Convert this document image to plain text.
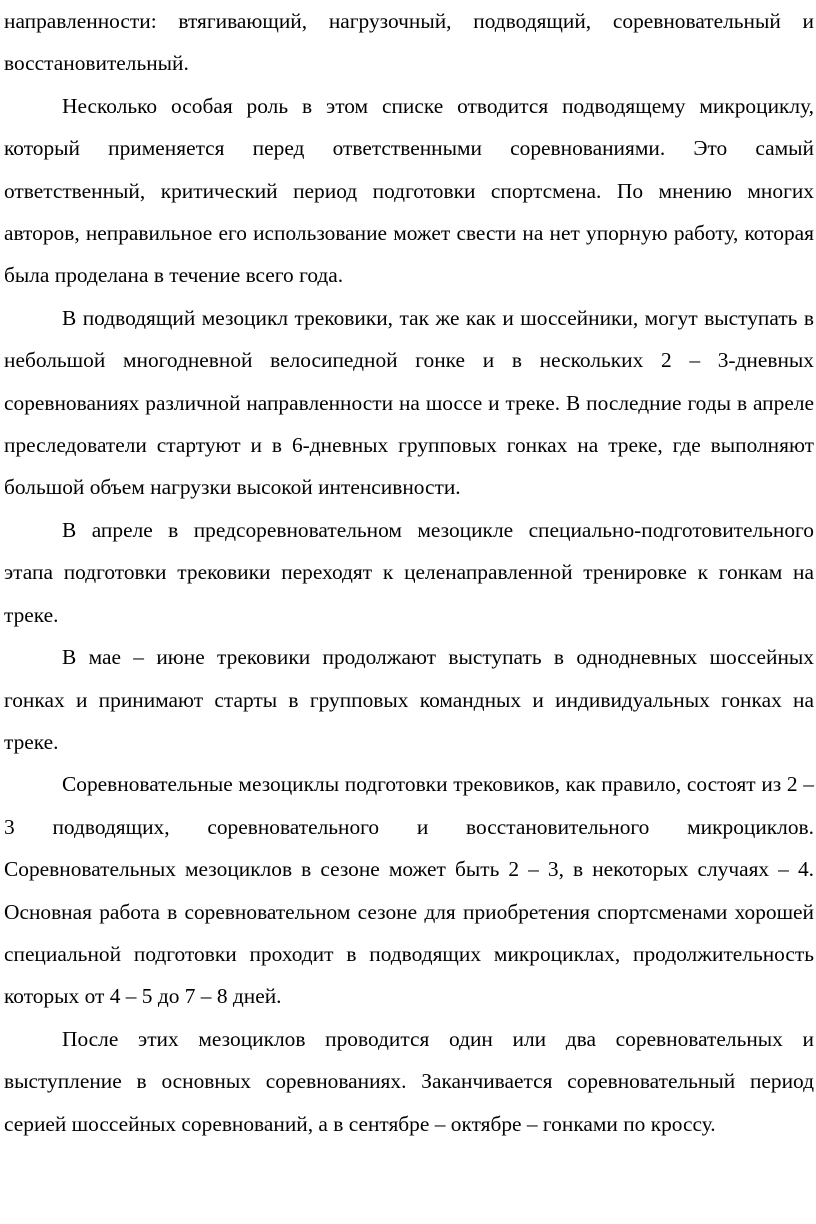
направленности: втягивающий, нагрузочный, подводящий, соревновательный и восстановительный.

Несколько особая роль в этом списке отводится подводящему микроциклу, который применяется перед ответственными соревнованиями. Это самый ответственный, критический период подготовки спортсмена. По мнению многих авторов, неправильное его использование может свести на нет упорную работу, которая была проделана в течение всего года.

В подводящий мезоцикл трековики, так же как и шоссейники, могут выступать в небольшой многодневной велосипедной гонке и в нескольких 2 – 3-дневных соревнованиях различной направленности на шоссе и треке. В последние годы в апреле преследователи стартуют и в 6-дневных групповых гонках на треке, где выполняют большой объем нагрузки высокой интенсивности.

В апреле в предсоревновательном мезоцикле специально-подготовительного этапа подготовки трековики переходят к целенаправленной тренировке к гонкам на треке.

В мае – июне трековики продолжают выступать в однодневных шоссейных гонках и принимают старты в групповых командных и индивидуальных гонках на треке.

Соревновательные мезоциклы подготовки трековиков, как правило, состоят из 2 – 3 подводящих, соревновательного и восстановительного микроциклов. Соревновательных мезоциклов в сезоне может быть 2 – 3, в некоторых случаях – 4. Основная работа в соревновательном сезоне для приобретения спортсменами хорошей специальной подготовки проходит в подводящих микроциклах, продолжительность которых от 4 – 5 до 7 – 8 дней.

После этих мезоциклов проводится один или два соревновательных и выступление в основных соревнованиях. Заканчивается соревновательный период серией шоссейных соревнований, а в сентябре – октябре – гонками по кроссу.
